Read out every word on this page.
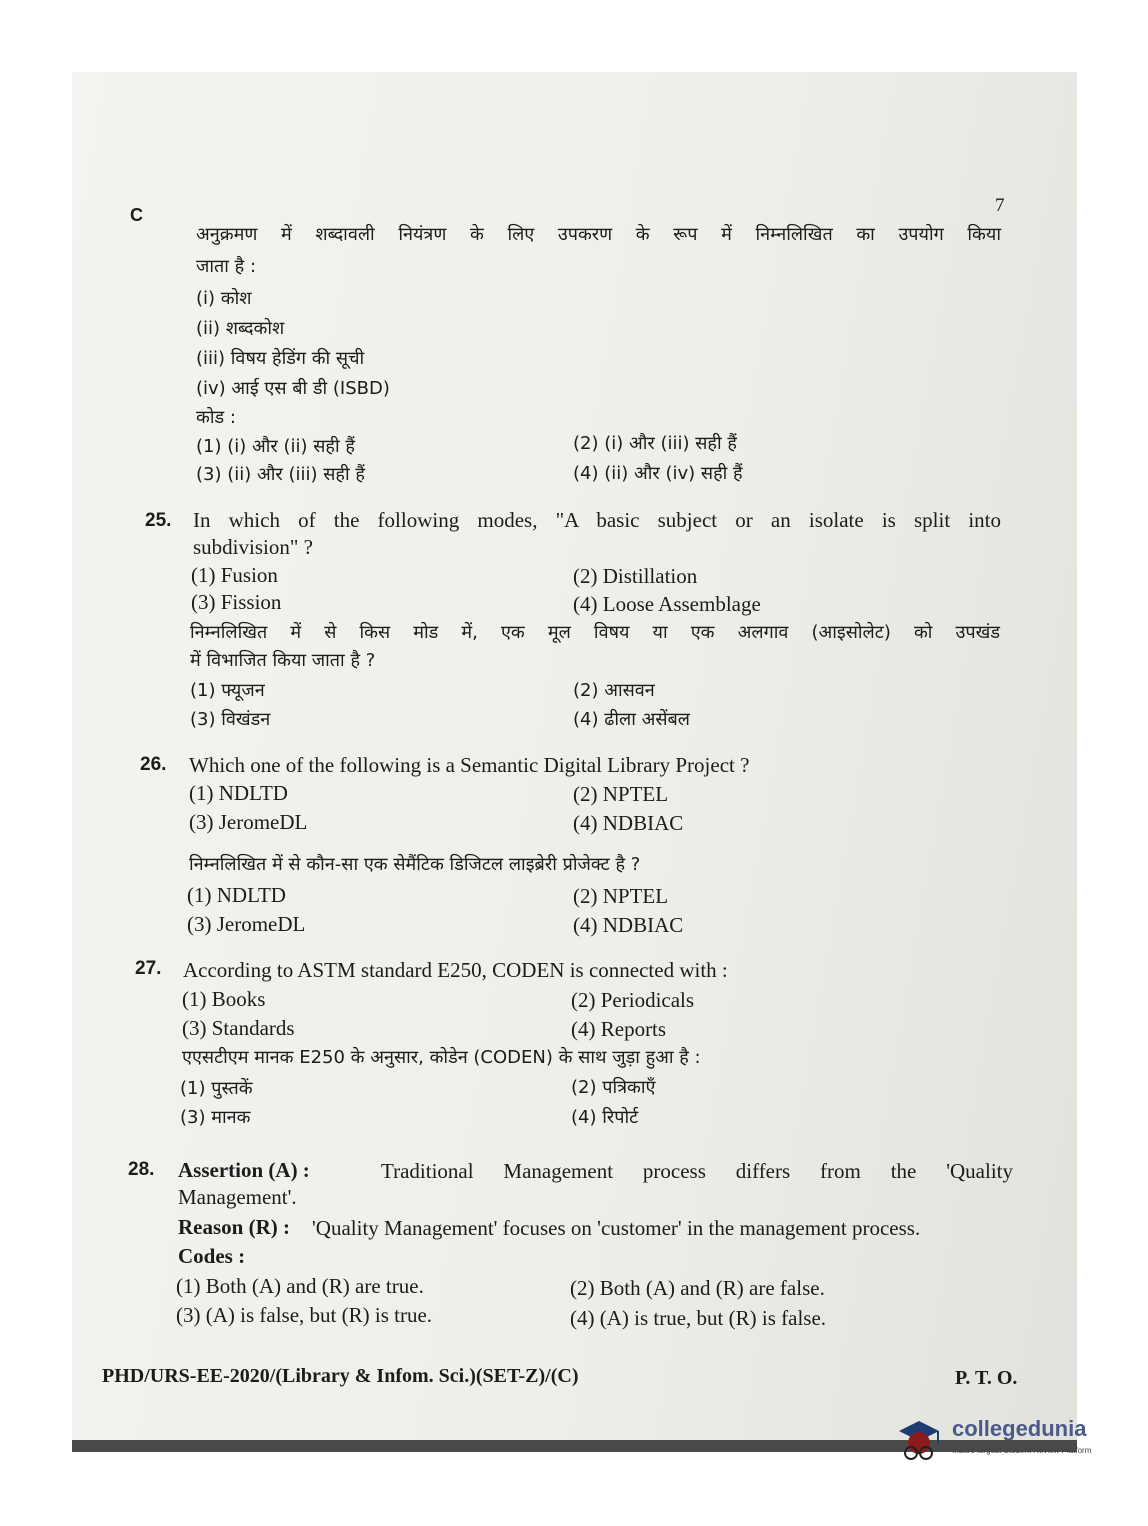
C	7
अनुक्रमण में शब्दावली नियंत्रण के लिए उपकरण के रूप में निम्नलिखित का उपयोग किया
जाता है :
(i) कोश
(ii) शब्दकोश
(iii) विषय हेडिंग की सूची
(iv) आई एस बी डी (ISBD)
कोड :
(1) (i) और (ii) सही हैं	(2) (i) और (iii) सही हैं
(3) (ii) और (iii) सही हैं	(4) (ii) और (iv) सही हैं
25. In which of the following modes, "A basic subject or an isolate is split into
subdivision" ?
(1) Fusion	(2) Distillation
(3) Fission	(4) Loose Assemblage
निम्नलिखित में से किस मोड में, एक मूल विषय या एक अलगाव (आइसोलेट) को उपखंड
में विभाजित किया जाता है ?
(1) फ्यूजन	(2) आसवन
(3) विखंडन	(4) ढीला असेंबल
26. Which one of the following is a Semantic Digital Library Project ?
(1) NDLTD	(2) NPTEL
(3) JeromeDL	(4) NDBIAC
निम्नलिखित में से कौन-सा एक सेमैंटिक डिजिटल लाइब्रेरी प्रोजेक्ट है ?
(1) NDLTD	(2) NPTEL
(3) JeromeDL	(4) NDBIAC
27. According to ASTM standard E250, CODEN is connected with :
(1) Books	(2) Periodicals
(3) Standards	(4) Reports
एएसटीएम मानक E250 के अनुसार, कोडेन (CODEN) के साथ जुड़ा हुआ है :
(1) पुस्तकें	(2) पत्रिकाएँ
(3) मानक	(4) रिपोर्ट
28. Assertion (A) :	Traditional Management process differs from the 'Quality
Management'.
Reason (R) : 'Quality Management' focuses on 'customer' in the management process.
Codes :
(1) Both (A) and (R) are true.	(2) Both (A) and (R) are false.
(3) (A) is false, but (R) is true.	(4) (A) is true, but (R) is false.
PHD/URS-EE-2020/(Library & Infom. Sci.)(SET-Z)/(C)	P. T. O.
collegedunia
India's largest Student Review Platform
